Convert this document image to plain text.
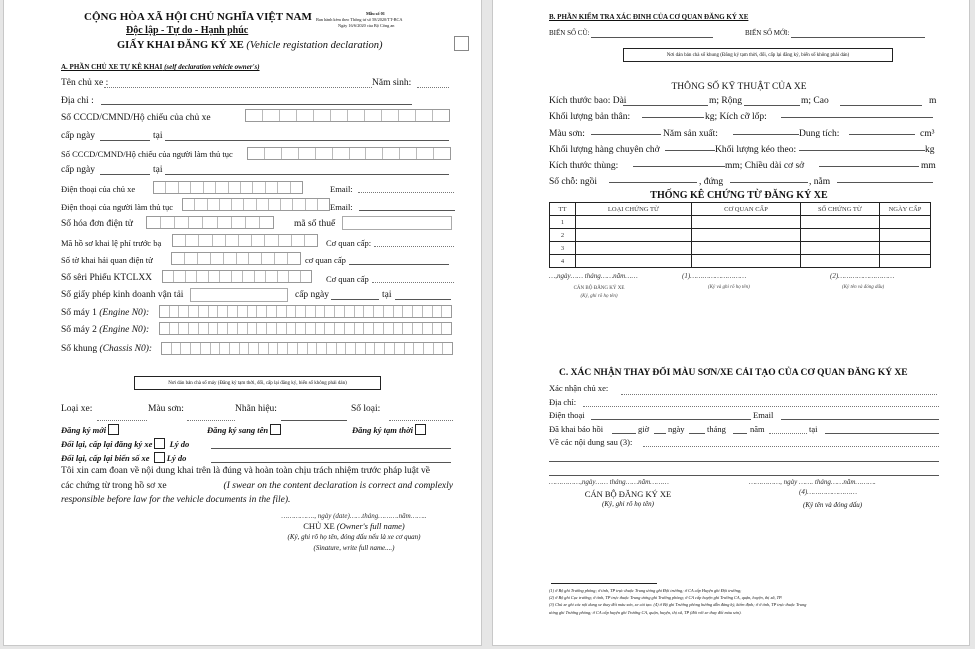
CỘNG HÒA XÃ HỘI CHỦ NGHĨA VIỆT NAM
Độc lập - Tự do - Hạnh phúc
Mẫu số 01
Ban hành kèm theo Thông tư số 58/2020/TT-BCA
Ngày 16/6/2020 của Bộ Công an
GIẤY KHAI ĐĂNG KÝ XE (Vehicle registation declaration)
A. PHẦN CHỦ XE TỰ KÊ KHAI (self declaration vehicle owner's)
Tên chủ xe :	Năm sinh:
Địa chỉ :
Số CCCD/CMND/Hộ chiếu của chủ xe
cấp ngày	tại
Số CCCD/CMND/Hộ chiếu của người làm thủ tục
cấp ngày	tại
Điện thoại của chủ xe	Email:
Điện thoại của người làm thủ tục	Email:
Số hóa đơn điện tử	mã số thuế
Mã hồ sơ khai lệ phí trước bạ	Cơ quan cấp:
Số tờ khai hải quan điện tử	cơ quan cấp
Số sêri Phiếu KTCLXX	Cơ quan cấp
Số giấy phép kinh doanh vận tải	cấp ngày	tại
Số máy 1 (Engine N0):
Số máy 2 (Engine N0):
Số khung (Chassis N0):
Nơi dán bản chà số máy (Đăng ký tạm thời, đổi, cấp lại đăng ký, biển số không phải dán)
Loại xe:	Màu sơn:	Nhãn hiệu:	Số loại:
Đăng ký mới	Đăng ký sang tên	Đăng ký tạm thời
Đổi lại, cấp lại đăng ký xe Lý do
Đổi lại, cấp lại biển số xe Lý do
Tôi xin cam đoan về nội dung khai trên là đúng và hoàn toàn chịu trách nhiệm trước pháp luật về
các chứng từ trong hồ sơ xe	(I swear on the content declaration is correct and complexly
responsible before law for the vehicle documents in the file).
……………., ngày (date)……tháng……….năm……..
CHỦ XE (Owner's full name)
(Ký, ghi rõ họ tên, đóng dấu nếu là xe cơ quan)
(Sinature, write full name....)
B. PHẦN KIỂM TRA XÁC ĐINH CỦA CƠ QUAN ĐĂNG KÝ XE
BIỂN SỐ CŨ:	BIỂN SỐ MỚI:
Nơi dán bản chà số khung (Đăng ký tạm thời, đổi, cấp lại đăng ký, biển số không phải dán)
THÔNG SỐ KỸ THUẬT CỦA XE
Kích thước bao: Dài	m; Rộng	m; Cao	m
Khối lượng bản thân:	kg; Kích cỡ lốp:
Màu sơn:	Năm sản xuất:	Dung tích:	cm³
Khối lượng hàng chuyên chở	Khối lượng kéo theo:	kg
Kích thước thùng:	mm; Chiều dài cơ sở	mm
Số chỗ: ngồi	, đứng	, nằm
THỐNG KÊ CHỨNG TỪ ĐĂNG KÝ XE
TT	LOẠI CHỨNG TỪ	CƠ QUAN CẤP	SỐ CHỨNG TỪ	NGÀY CẤP
1				
2				
3				
4				
…,ngày…… tháng……năm……
CÁN BỘ ĐĂNG KÝ XE
(Ký, ghi rõ họ tên)
(1)………………………
(Ký và ghi rõ họ tên)
(2)………………………
(Ký tên và đóng dấu)
C. XÁC NHẬN THAY ĐỔI MÀU SƠN/XE CẢI TẠO CỦA CƠ QUAN ĐĂNG KÝ XE
Xác nhận chủ xe:
Địa chỉ:
Điện thoại	Email
Đã khai báo hồi	giờ ngày	tháng	năm	tại
Về các nội dung sau (3):
……………,ngày…… tháng……năm………
CÁN BỘ ĐĂNG KÝ XE
(Ký, ghi rõ họ tên)
……………, ngày ……. tháng……năm……….
(4)……………………
(Ký tên và đóng dấu)
(1) ở Bộ ghi Trưởng phòng; ở tỉnh, TP trực thuộc Trung ương ghi Đội trưởng; ở CA cấp Huyện ghi Đội trưởng;
(2) ở Bộ ghi Cục trưởng; ở tỉnh, TP trực thuộc Trung ương ghi Trưởng phòng; ở CA cấp huyện ghi Trưởng CA, quận, huyện, thị xã, TP.
(3) Chủ xe ghi các nội dung xe thay đổi màu sơn, xe cải tạo. (4) ở Bộ ghi Trưởng phòng hướng dẫn đăng ký, kiểm định; ở ở tỉnh, TP trực thuộc Trung
ương ghi Trưởng phòng; ở CA cấp huyện ghi Trưởng CA, quận, huyện, thị xã, TP (đối với xe thay đổi màu sơn).
